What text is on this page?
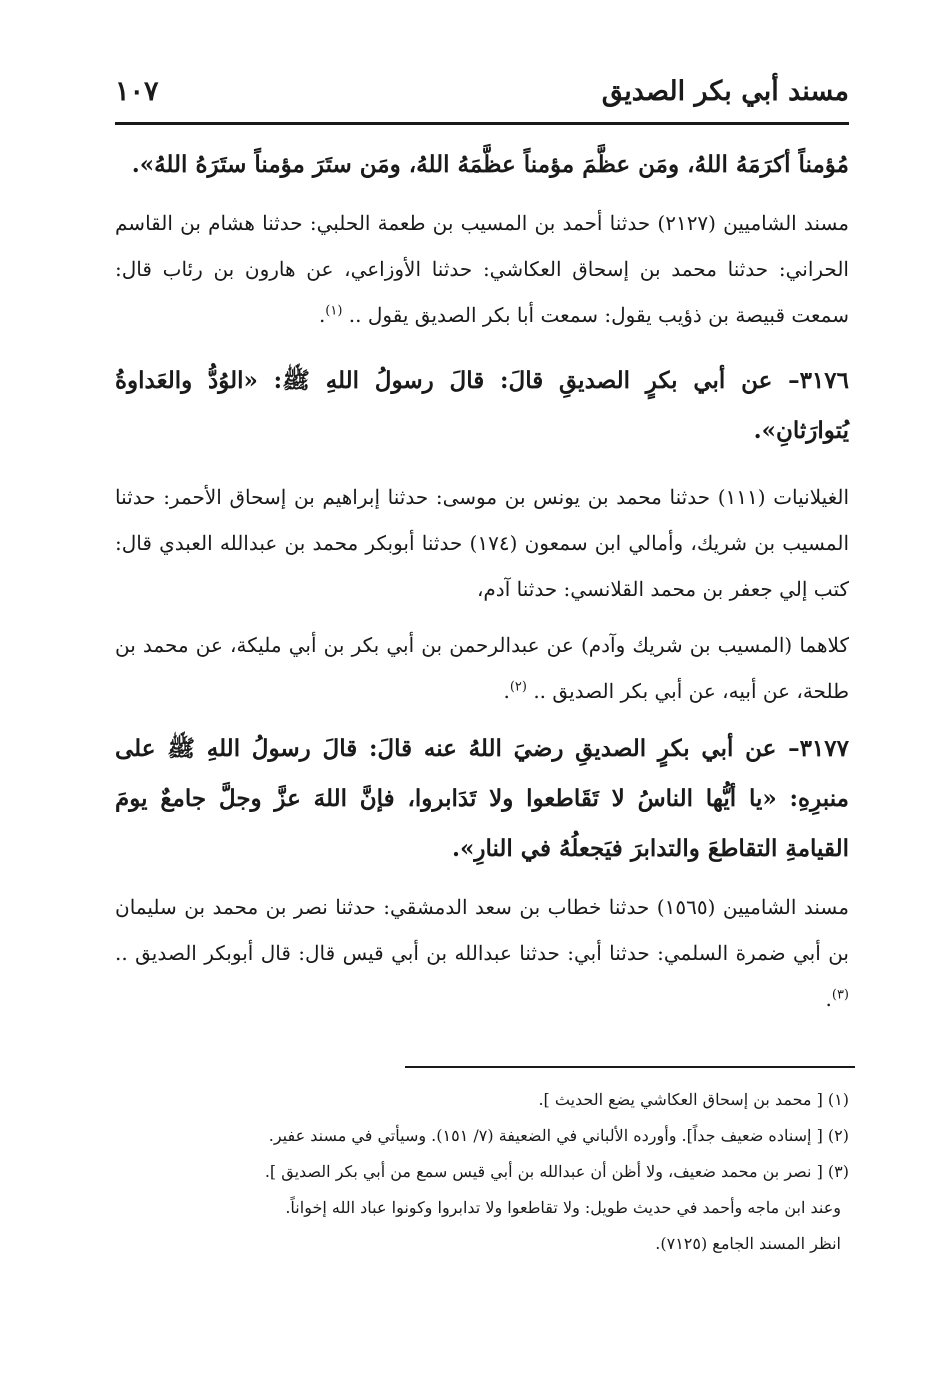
مسند أبي بكر الصديق
١٠٧

مُؤمناً أكرَمَهُ اللهُ، ومَن عظَّمَ مؤمناً عظَّمَهُ اللهُ، ومَن ستَرَ مؤمناً ستَرَهُ اللهُ».

مسند الشاميين (٢١٢٧) حدثنا أحمد بن المسيب بن طعمة الحلبي: حدثنا هشام بن القاسم الحراني: حدثنا محمد بن إسحاق العكاشي: حدثنا الأوزاعي، عن هارون بن رئاب قال: سمعت قبيصة بن ذؤيب يقول: سمعت أبا بكر الصديق يقول .. $^{(١)}$.

٣١٧٦– عن أبي بكرٍ الصديقِ قالَ: قالَ رسولُ اللهِ ﷺ: «الوُدُّ والعَداوةُ يُتوارَثانِ».

الغيلانيات (١١١) حدثنا محمد بن يونس بن موسى: حدثنا إبراهيم بن إسحاق الأحمر: حدثنا المسيب بن شريك، وأمالي ابن سمعون (١٧٤) حدثنا أبوبكر محمد بن عبدالله العبدي قال: كتب إلي جعفر بن محمد القلانسي: حدثنا آدم،

كلاهما (المسيب بن شريك وآدم) عن عبدالرحمن بن أبي بكر بن أبي مليكة، عن محمد بن طلحة، عن أبيه، عن أبي بكر الصديق .. $^{(٢)}$.

٣١٧٧– عن أبي بكرٍ الصديقِ رضيَ اللهُ عنه قالَ: قالَ رسولُ اللهِ ﷺ على منبرِهِ: «يا أيُّها الناسُ لا تَقَاطعوا ولا تَدَابروا، فإنَّ اللهَ عزَّ وجلَّ جامعٌ يومَ القيامةِ التقاطعَ والتدابرَ فيَجعلُهُ في النارِ».

مسند الشاميين (١٥٦٥) حدثنا خطاب بن سعد الدمشقي: حدثنا نصر بن محمد بن سليمان بن أبي ضمرة السلمي: حدثنا أبي: حدثنا عبدالله بن أبي قيس قال: قال أبوبكر الصديق .. $^{(٣)}$.

(١) [ محمد بن إسحاق العكاشي يضع الحديث ].

(٢) [ إسناده ضعيف جداً]. وأورده الألباني في الضعيفة (٧/ ١٥١). وسيأتي في مسند عفير.

(٣) [ نصر بن محمد ضعيف، ولا أظن أن عبدالله بن أبي قيس سمع من أبي بكر الصديق ].

وعند ابن ماجه وأحمد في حديث طويل: ولا تقاطعوا ولا تدابروا وكونوا عباد الله إخواناً.

انظر المسند الجامع (٧١٢٥).
